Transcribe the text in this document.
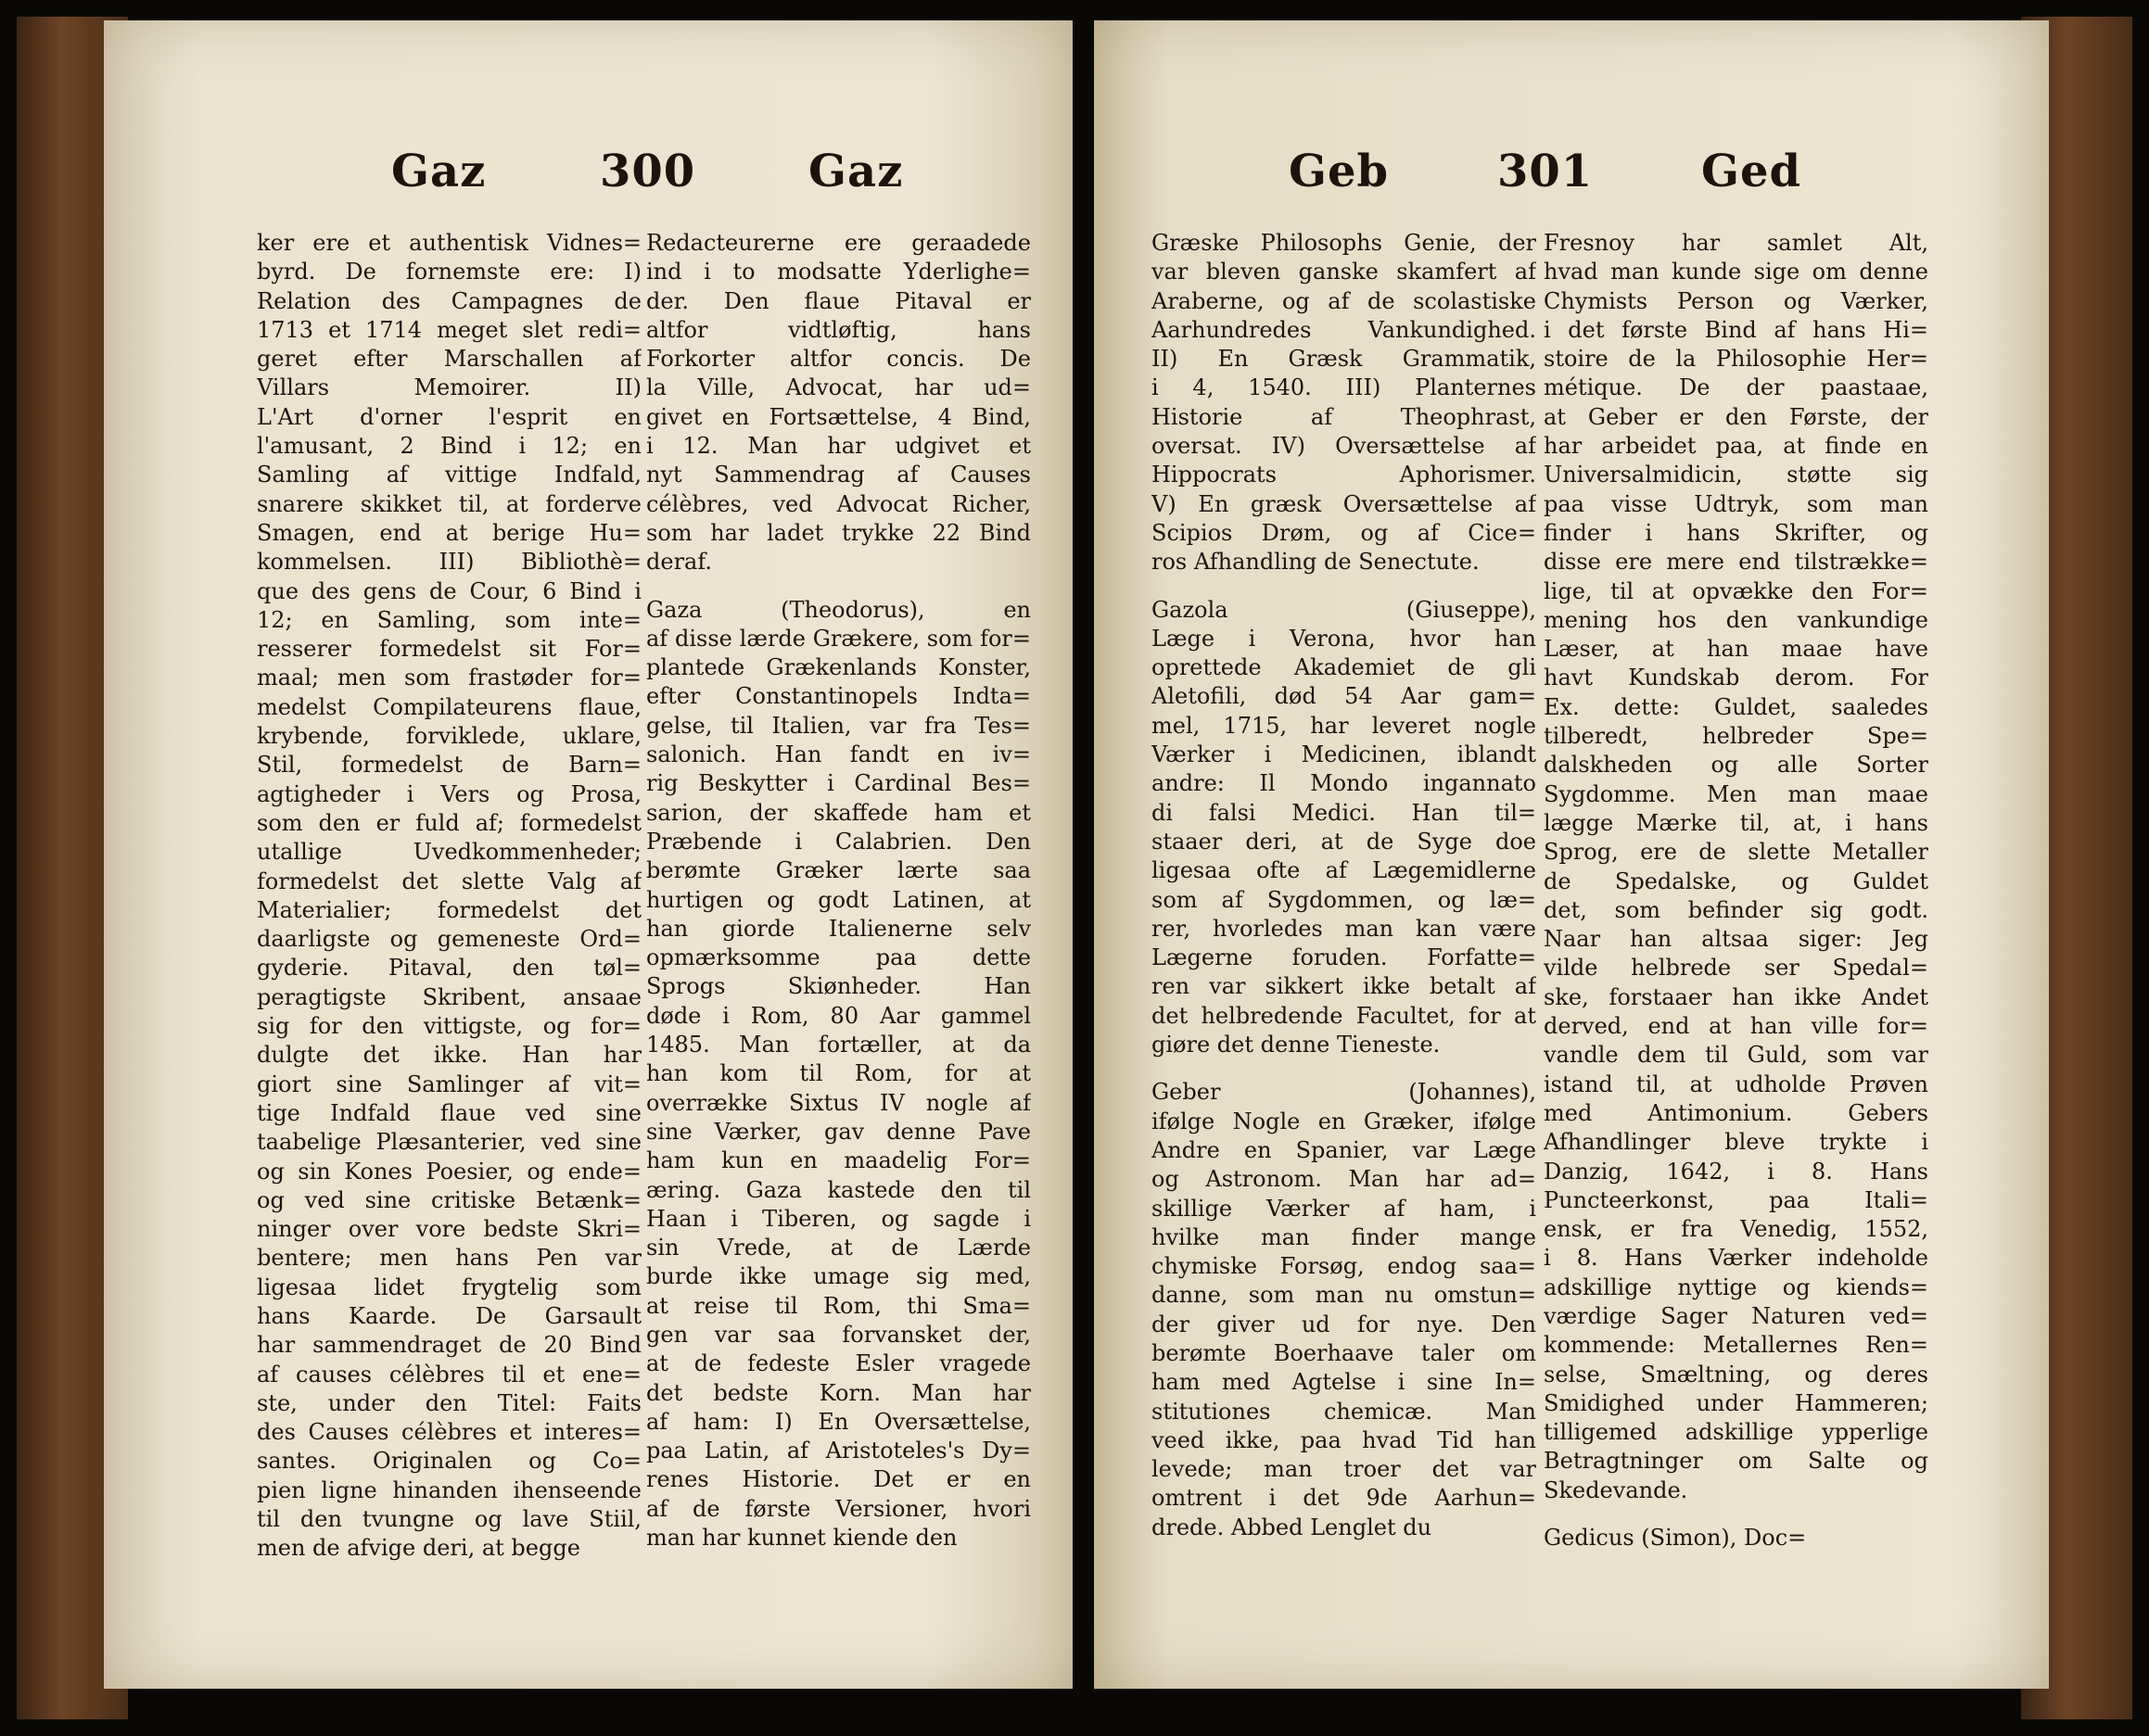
Gaz	300	Gaz
ker ere et authentisk Vidnes=
byrd. De fornemste ere: I)
Relation des Campagnes de
1713 et 1714 meget slet redi=
geret efter Marschallen af
Villars Memoirer. II)
L'Art d'orner l'esprit en
l'amusant, 2 Bind i 12; en
Samling af vittige Indfald,
snarere skikket til, at forderve
Smagen, end at berige Hu=
kommelsen. III) Bibliothè=
que des gens de Cour, 6 Bind i
12; en Samling, som inte=
resserer formedelst sit For=
maal; men som frastøder for=
medelst Compilateurens flaue,
krybende, forviklede, uklare,
Stil, formedelst de Barn=
agtigheder i Vers og Prosa,
som den er fuld af; formedelst
utallige Uvedkommenheder;
formedelst det slette Valg af
Materialier; formedelst det
daarligste og gemeneste Ord=
gyderie. Pitaval, den tøl=
peragtigste Skribent, ansaae
sig for den vittigste, og for=
dulgte det ikke. Han har
giort sine Samlinger af vit=
tige Indfald flaue ved sine
taabelige Plæsanterier, ved sine
og sin Kones Poesier, og ende=
og ved sine critiske Betænk=
ninger over vore bedste Skri=
bentere; men hans Pen var
ligesaa lidet frygtelig som
hans Kaarde. De Garsault
har sammendraget de 20 Bind
af causes célèbres til et ene=
ste, under den Titel: Faits
des Causes célèbres et interes=
santes. Originalen og Co=
pien ligne hinanden ihenseende
til den tvungne og lave Stiil,
men de afvige deri, at begge
Redacteurerne ere geraadede
ind i to modsatte Yderlighe=
der. Den flaue Pitaval er
altfor vidtløftig, hans
Forkorter altfor concis. De
la Ville, Advocat, har ud=
givet en Fortsættelse, 4 Bind,
i 12. Man har udgivet et
nyt Sammendrag af Causes
célèbres, ved Advocat Richer,
som har ladet trykke 22 Bind
deraf.
Gaza (Theodorus), en
af disse lærde Grækere, som for=
plantede Grækenlands Konster,
efter Constantinopels Indta=
gelse, til Italien, var fra Tes=
salonich. Han fandt en iv=
rig Beskytter i Cardinal Bes=
sarion, der skaffede ham et
Præbende i Calabrien. Den
berømte Græker lærte saa
hurtigen og godt Latinen, at
han giorde Italienerne selv
opmærksomme paa dette
Sprogs Skiønheder. Han
døde i Rom, 80 Aar gammel
1485. Man fortæller, at da
han kom til Rom, for at
overrække Sixtus IV nogle af
sine Værker, gav denne Pave
ham kun en maadelig For=
æring. Gaza kastede den til
Haan i Tiberen, og sagde i
sin Vrede, at de Lærde
burde ikke umage sig med,
at reise til Rom, thi Sma=
gen var saa forvansket der,
at de fedeste Esler vragede
det bedste Korn. Man har
af ham: I) En Oversættelse,
paa Latin, af Aristoteles's Dy=
renes Historie. Det er en
af de første Versioner, hvori
man har kunnet kiende den
Geb 301 Ged
Græske Philosophs Genie, der
var bleven ganske skamfert af
Araberne, og af de scolastiske
Aarhundredes Vankundighed.
II) En Græsk Grammatik,
i 4, 1540. III) Planternes
Historie af Theophrast,
oversat. IV) Oversættelse af
Hippocrats Aphorismer.
V) En græsk Oversættelse af
Scipios Drøm, og af Cice=
ros Afhandling de Senectute.
Gazola (Giuseppe),
Læge i Verona, hvor han
oprettede Akademiet de gli
Aletofili, død 54 Aar gam=
mel, 1715, har leveret nogle
Værker i Medicinen, iblandt
andre: Il Mondo ingannato
di falsi Medici. Han til=
staaer deri, at de Syge doe
ligesaa ofte af Lægemidlerne
som af Sygdommen, og læ=
rer, hvorledes man kan være
Lægerne foruden. Forfatte=
ren var sikkert ikke betalt af
det helbredende Facultet, for at
giøre det denne Tieneste.
Geber (Johannes),
ifølge Nogle en Græker, ifølge
Andre en Spanier, var Læge
og Astronom. Man har ad=
skillige Værker af ham, i
hvilke man finder mange
chymiske Forsøg, endog saa=
danne, som man nu omstun=
der giver ud for nye. Den
berømte Boerhaave taler om
ham med Agtelse i sine In=
stitutiones chemicæ. Man
veed ikke, paa hvad Tid han
levede; man troer det var
omtrent i det 9de Aarhun=
drede. Abbed Lenglet du
Fresnoy har samlet Alt,
hvad man kunde sige om denne
Chymists Person og Værker,
i det første Bind af hans Hi=
stoire de la Philosophie Her=
métique. De der paastaae,
at Geber er den Første, der
har arbeidet paa, at finde en
Universalmidicin, støtte sig
paa visse Udtryk, som man
finder i hans Skrifter, og
disse ere mere end tilstrække=
lige, til at opvække den For=
mening hos den vankundige
Læser, at han maae have
havt Kundskab derom. For
Ex. dette: Guldet, saaledes
tilberedt, helbreder Spe=
dalskheden og alle Sorter
Sygdomme. Men man maae
lægge Mærke til, at, i hans
Sprog, ere de slette Metaller
de Spedalske, og Guldet
det, som befinder sig godt.
Naar han altsaa siger: Jeg
vilde helbrede ser Spedal=
ske, forstaaer han ikke Andet
derved, end at han ville for=
vandle dem til Guld, som var
istand til, at udholde Prøven
med Antimonium. Gebers
Afhandlinger bleve trykte i
Danzig, 1642, i 8. Hans
Puncteerkonst, paa Itali=
ensk, er fra Venedig, 1552,
i 8. Hans Værker indeholde
adskillige nyttige og kiends=
værdige Sager Naturen ved=
kommende: Metallernes Ren=
selse, Smæltning, og deres
Smidighed under Hammeren;
tilligemed adskillige ypperlige
Betragtninger om Salte og
Skedevande.
Gedicus (Simon), Doc=
